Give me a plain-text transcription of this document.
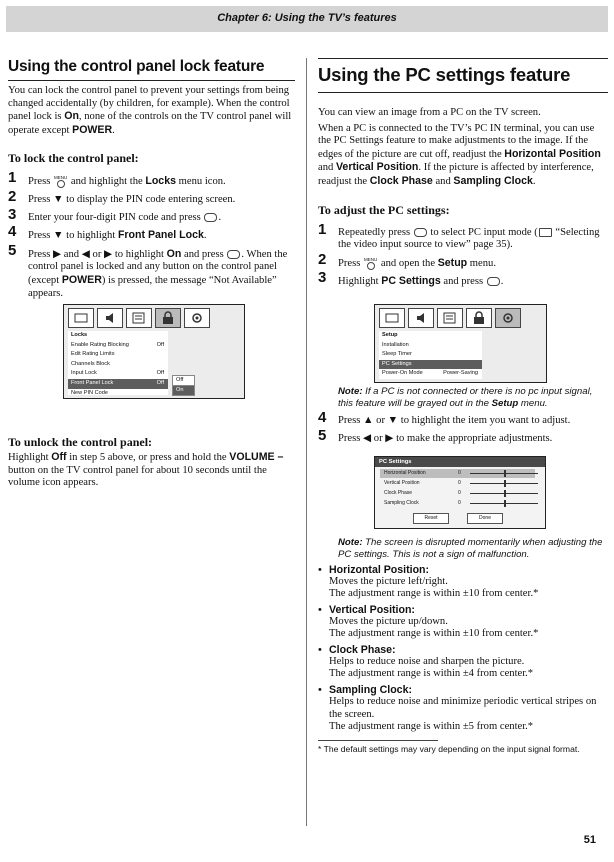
Chapter 6: Using the TV’s features
Using the control panel lock feature

You can lock the control panel to prevent your settings from being changed accidentally (by children, for example). When the control panel lock is On, none of the controls on the TV control panel will operate except POWER.

To lock the control panel:
1 Press MENU
and highlight the Locks menu icon.
2 Press ▼ to display the PIN code entering screen.
3 Enter your four-digit PIN code and press .
4 Press ▼ to highlight Front Panel Lock.
5 Press ▶ and ◀ or ▶ to highlight On and press . When the control panel is locked and any button on the control panel (except POWER) is pressed, the message “Not Available” appears.
Locks
Enable Rating Blocking	Off
Edit Rating Limits
Channels Block
Input Lock	Off
Front Panel Lock	Off
New PIN Code
Off
On
To unlock the control panel:

Highlight Off in step 5 above, or press and hold the VOLUME – button on the TV control panel for about 10 seconds until the volume icon appears.

Using the PC settings feature

You can view an image from a PC on the TV screen.

When a PC is connected to the TV’s PC IN terminal, you can use the PC Settings feature to make adjustments to the image. If the edges of the picture are cut off, readjust the Horizontal Position and Vertical Position. If the picture is affected by interference, readjust the Clock Phase and Sampling Clock.

To adjust the PC settings:
1 Repeatedly press  to select PC input mode ( “Selecting the video input source to view” page 35).
2 Press MENU
and open the Setup menu.
3 Highlight PC Settings and press .
Setup
Installation
Sleep Timer
PC Settings
Power-On Mode	Power-Saving

Note: If a PC is not connected or there is no pc input signal, this feature will be grayed out in the Setup menu.

4 Press ▲ or ▼ to highlight the item you want to adjust.
5 Press ◀ or ▶ to make the appropriate adjustments.
PC Settings
Horizontal Position	0
Vertical Position	0
Clock Phase	0
Sampling Clock	0
Reset	Done

Note: The screen is disrupted momentarily when adjusting the PC settings. This is not a sign of malfunction.

• Horizontal Position:

Moves the picture left/right.

The adjustment range is within ±10 from center.*

• Vertical Position:

Moves the picture up/down.

The adjustment range is within ±10 from center.*

• Clock Phase:

Helps to reduce noise and sharpen the picture.

The adjustment range is within ±4 from center.*

• Sampling Clock:

Helps to reduce noise and minimize periodic vertical stripes on the screen.

The adjustment range is within ±5 from center.*

* The default settings may vary depending on the input signal format.
51
